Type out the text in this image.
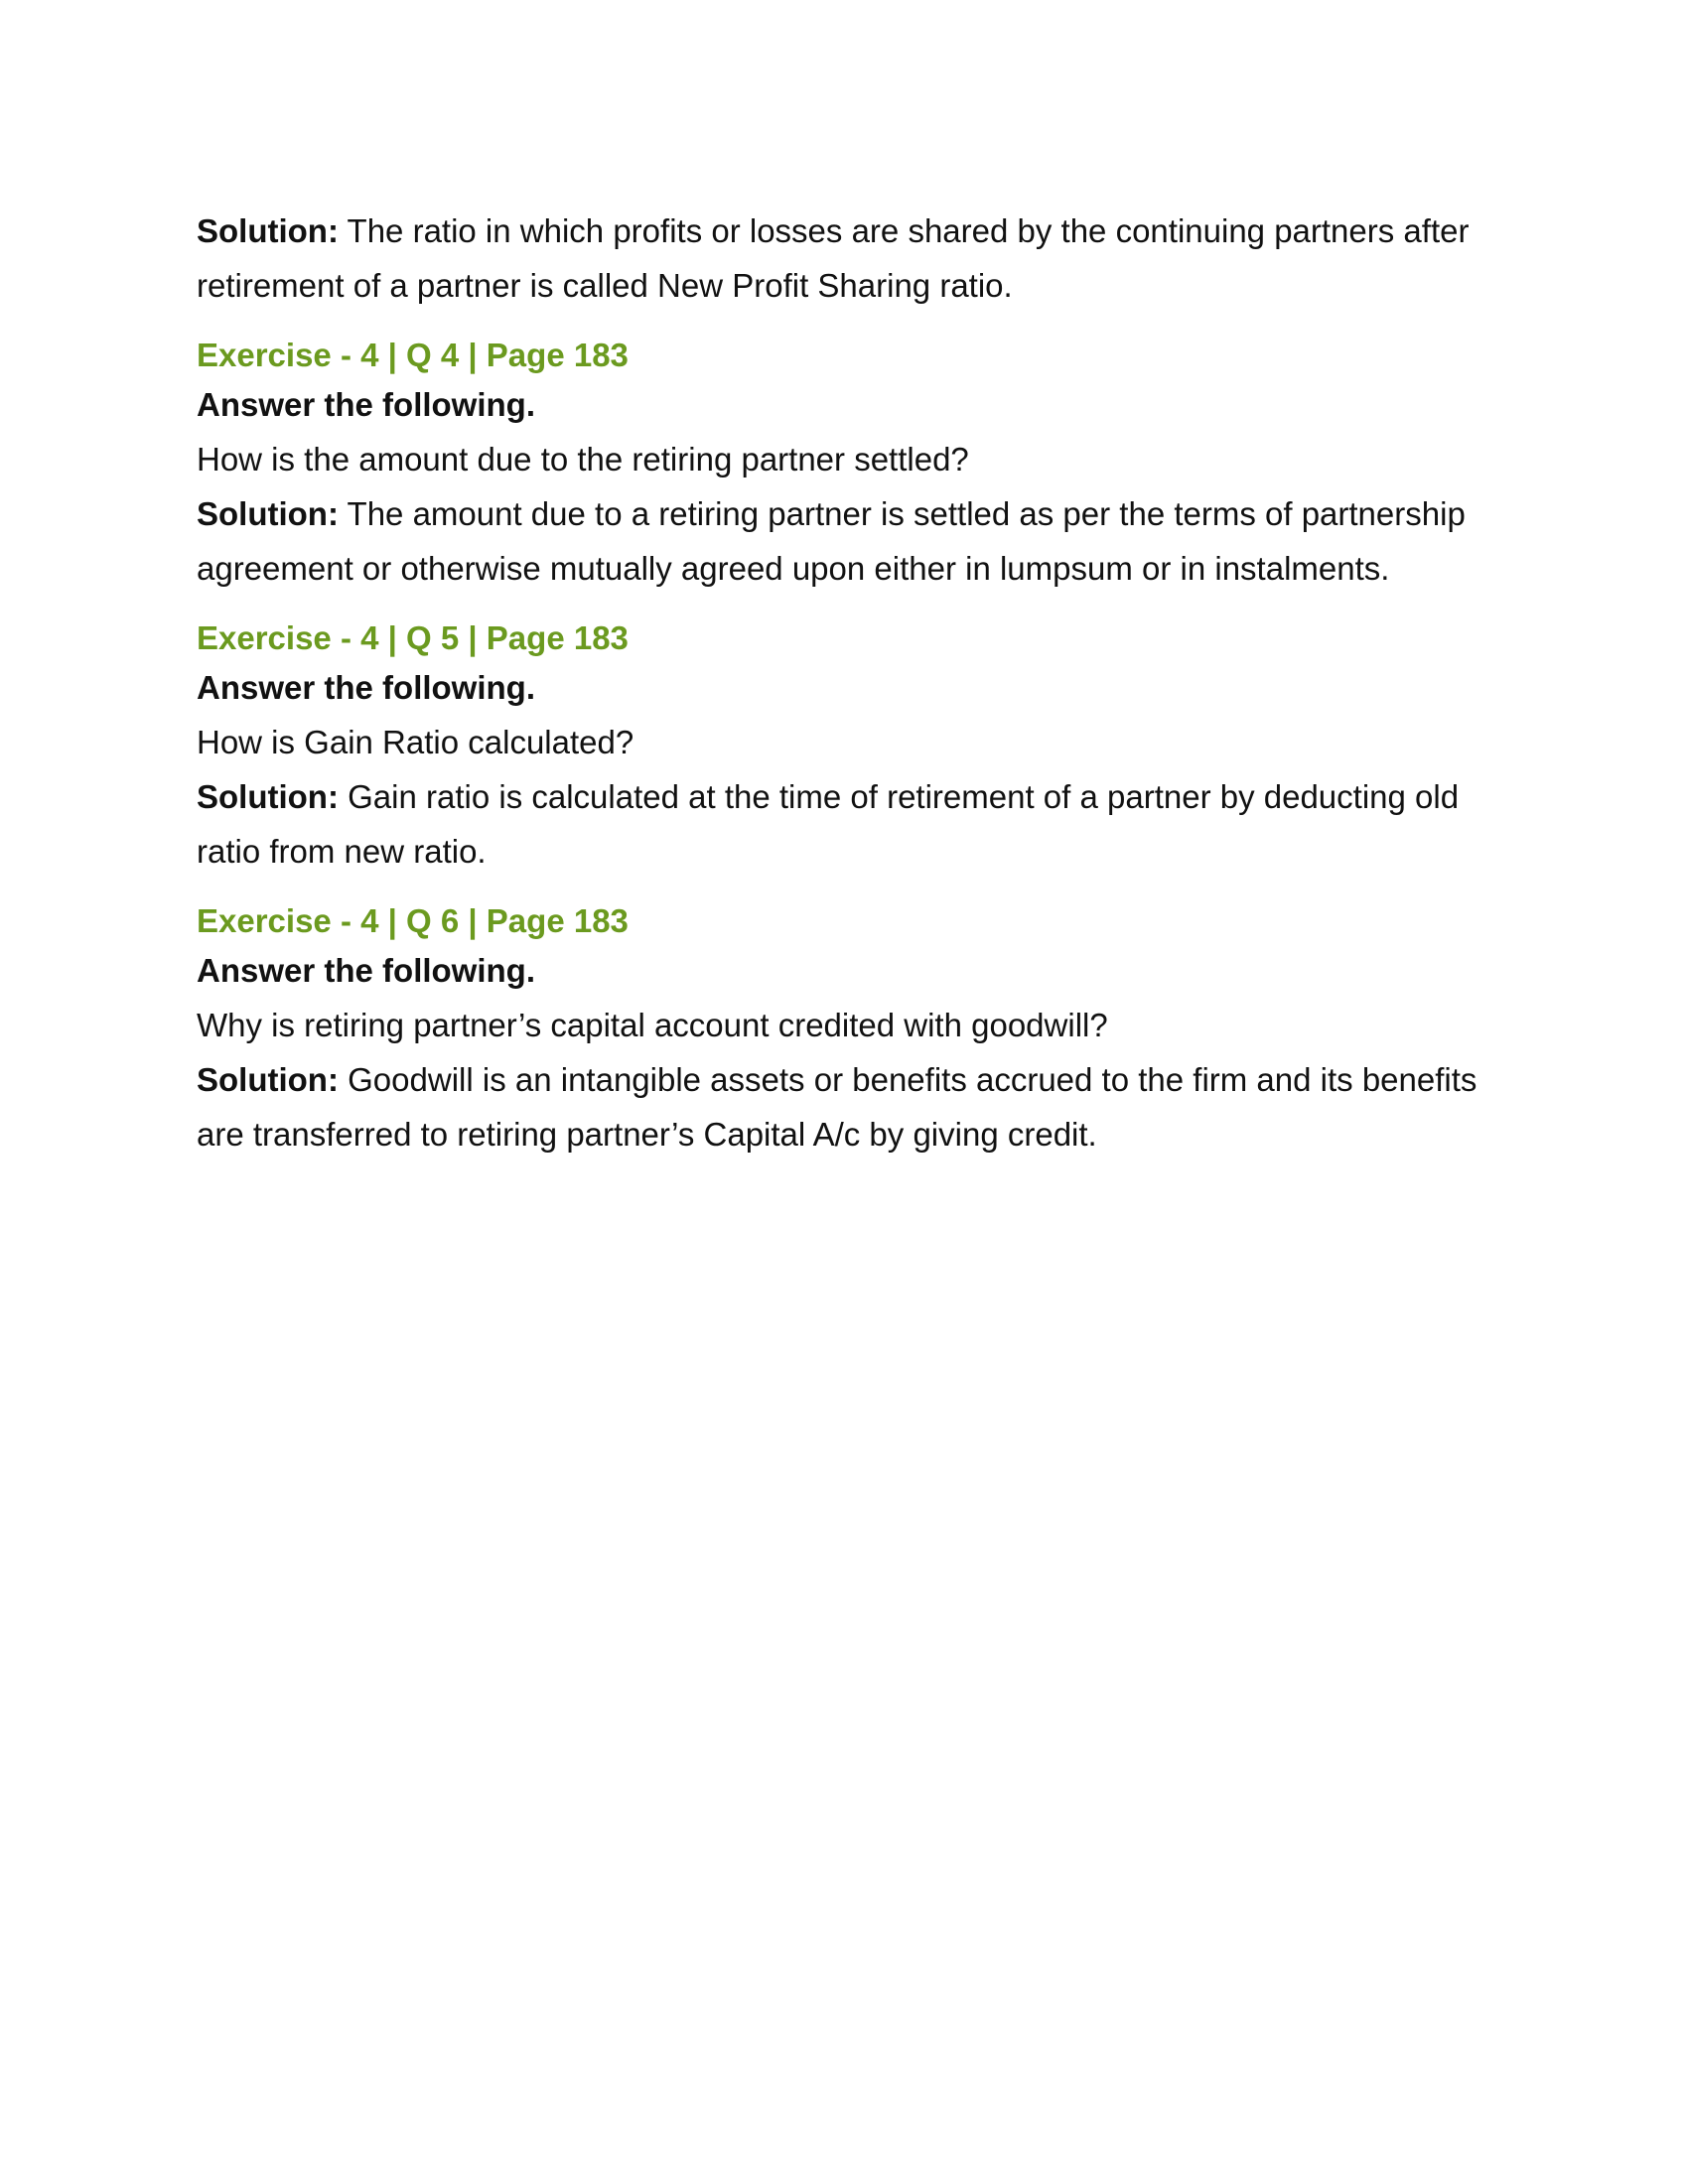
Solution: The ratio in which profits or losses are shared by the continuing partners after retirement of a partner is called New Profit Sharing ratio.

Exercise - 4 | Q 4 | Page 183

Answer the following.

How is the amount due to the retiring partner settled?

Solution: The amount due to a retiring partner is settled as per the terms of partnership agreement or otherwise mutually agreed upon either in lumpsum or in instalments.

Exercise - 4 | Q 5 | Page 183

Answer the following.

How is Gain Ratio calculated?

Solution: Gain ratio is calculated at the time of retirement of a partner by deducting old ratio from new ratio.

Exercise - 4 | Q 6 | Page 183

Answer the following.

Why is retiring partner’s capital account credited with goodwill?

Solution: Goodwill is an intangible assets or benefits accrued to the firm and its benefits are transferred to retiring partner’s Capital A/c by giving credit.
